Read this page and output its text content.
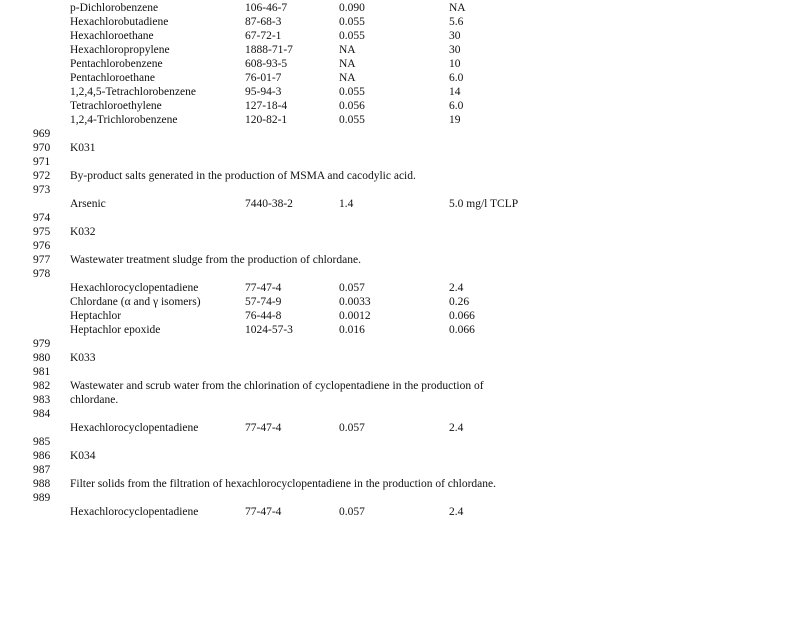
p-Dichlorobenzene	106-46-7	0.090	NA
Hexachlorobutadiene	87-68-3	0.055	5.6
Hexachloroethane	67-72-1	0.055	30
Hexachloropropylene	1888-71-7	NA	30
Pentachlorobenzene	608-93-5	NA	10
Pentachloroethane	76-01-7	NA	6.0
1,2,4,5-Tetrachlorobenzene	95-94-3	0.055	14
Tetrachloroethylene	127-18-4	0.056	6.0
1,2,4-Trichlorobenzene	120-82-1	0.055	19
969
970	K031
971
972	By-product salts generated in the production of MSMA and cacodylic acid.
973
Arsenic	7440-38-2	1.4	5.0 mg/l TCLP
974
975	K032
976
977	Wastewater treatment sludge from the production of chlordane.
978
Hexachlorocyclopentadiene	77-47-4	0.057	2.4
Chlordane (α and γ isomers)	57-74-9	0.0033	0.26
Heptachlor	76-44-8	0.0012	0.066
Heptachlor epoxide	1024-57-3	0.016	0.066
979
980	K033
981
982	Wastewater and scrub water from the chlorination of cyclopentadiene in the production of
983	chlordane.
984
Hexachlorocyclopentadiene	77-47-4	0.057	2.4
985
986	K034
987
988	Filter solids from the filtration of hexachlorocyclopentadiene in the production of chlordane.
989
Hexachlorocyclopentadiene	77-47-4	0.057	2.4
